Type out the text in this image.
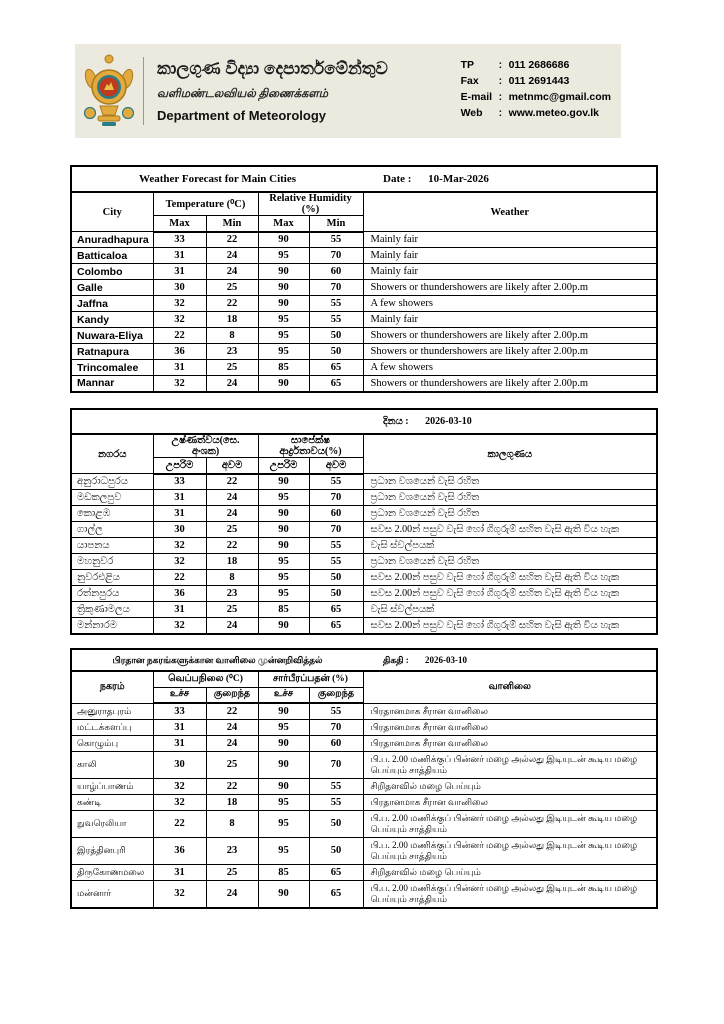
කාලගුණ විද්‍යා දෙපාර්තමේන්තුව
வளிமண்டலவியல் திணைக்களம்
Department of Meteorology
TP	: 011 2686686
Fax	: 011 2691443
E-mail : metnmc@gmail.com
Web	: www.meteo.gov.lk
Weather Forecast for Main Cities					Date : 10-Mar-2026
City	Temperature (⁰C)		Relative Humidity (%)		Weather
	Max	Min	Max	Min	
Anuradhapura	33	22	90	55	Mainly fair
Batticaloa	31	24	95	70	Mainly fair
Colombo	31	24	90	60	Mainly fair
Galle	30	25	90	70	Showers or thundershowers are likely after 2.00p.m
Jaffna	32	22	90	55	A few showers
Kandy	32	18	95	55	Mainly fair
Nuwara-Eliya	22	8	95	50	Showers or thundershowers are likely after 2.00p.m
Ratnapura	36	23	95	50	Showers or thundershowers are likely after 2.00p.m
Trincomalee	31	25	85	65	A few showers
Mannar	32	24	90	65	Showers or thundershowers are likely after 2.00p.m
					දිනය : 2026-03-10
නගරය	උෂ්ණත්වය(සෙ. අංශක)		සාපේක්ෂ ආර්ද්‍රතාවය(%)		කාලගුණය
	උපරිම	අවම	උපරිම	අවම	
අනුරාධපුරය	33	22	90	55	ප්‍රධාන වශයෙන් වැසි රහිත
මඩකලපුව	31	24	95	70	ප්‍රධාන වශයෙන් වැසි රහිත
කොළඹ	31	24	90	60	ප්‍රධාන වශයෙන් වැසි රහිත
ගාල්ල	30	25	90	70	සවස 2.00න් පසුව වැසි හෝ ගිගුරුම් සහිත වැසි ඇති විය හැක
යාපනය	32	22	90	55	වැසි ස්වල්පයක්
මහනුවර	32	18	95	55	ප්‍රධාන වශයෙන් වැසි රහිත
නුවරඑළිය	22	8	95	50	සවස 2.00න් පසුව වැසි හෝ ගිගුරුම් සහිත වැසි ඇති විය හැක
රත්නපුරය	36	23	95	50	සවස 2.00න් පසුව වැසි හෝ ගිගුරුම් සහිත වැසි ඇති විය හැක
ත්‍රිකුණාමලය	31	25	85	65	වැසි ස්වල්පයක්
මන්නාරම	32	24	90	65	සවස 2.00න් පසුව වැසි හෝ ගිගුරුම් සහිත වැසි ඇති විය හැක
பிரதான நகரங்களுக்கான வானிலை முன்னறிவித்தல்					திகதி : 2026-03-10
நகரம்	வெப்பநிலை (⁰C)		சார்பீரப்பதன் (%)		வானிலை
	உச்ச	குறைந்த	உச்ச	குறைந்த	
அனுராதபுரம்	33	22	90	55	பிரதானமாக சீரான வானிலை
மட்டக்களப்பு	31	24	95	70	பிரதானமாக சீரான வானிலை
கொழும்பு	31	24	90	60	பிரதானமாக சீரான வானிலை
காலி	30	25	90	70	பி.ப. 2.00 மணிக்குப் பின்னர் மழை அல்லது இடியுடன் கூடிய மழை பெய்யும் சாத்தியம்
யாழ்ப்பாணம்	32	22	90	55	சிறிதளவில் மழை பெய்யும்
கண்டி	32	18	95	55	பிரதானமாக சீரான வானிலை
நுவரெலியா	22	8	95	50	பி.ப. 2.00 மணிக்குப் பின்னர் மழை அல்லது இடியுடன் கூடிய மழை பெய்யும் சாத்தியம்
இரத்தினபுரி	36	23	95	50	பி.ப. 2.00 மணிக்குப் பின்னர் மழை அல்லது இடியுடன் கூடிய மழை பெய்யும் சாத்தியம்
திருகோணமலை	31	25	85	65	சிறிதளவில் மழை பெய்யும்
மன்னார்	32	24	90	65	பி.ப. 2.00 மணிக்குப் பின்னர் மழை அல்லது இடியுடன் கூடிய மழை பெய்யும் சாத்தியம்
